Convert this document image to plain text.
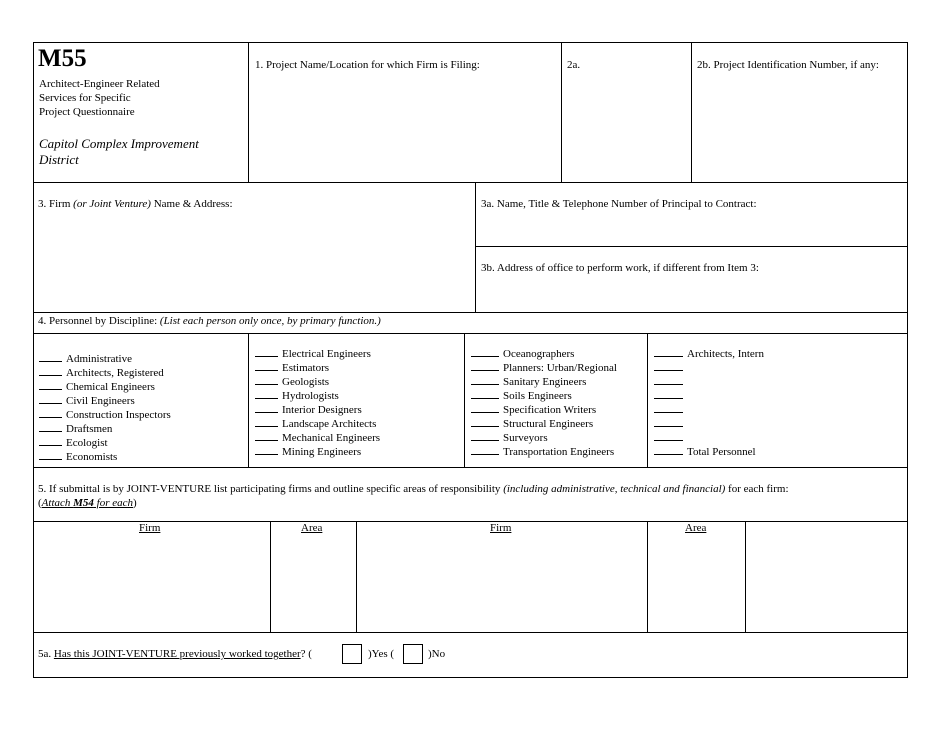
M55
Architect-Engineer Related
Services for Specific
Project Questionnaire
Capitol Complex Improvement
District
1. Project Name/Location for which Firm is Filing:	2a.	2b. Project Identification Number, if any:
3. Firm (or Joint Venture) Name & Address:	3a. Name, Title & Telephone Number of Principal to Contract:
3b. Address of office to perform work, if different from Item 3:
4. Personnel by Discipline: (List each person only once, by primary function.)
Administrative
Architects, Registered
Chemical Engineers
Civil Engineers
Construction Inspectors
Draftsmen
Ecologist
Economists
Electrical Engineers
Estimators
Geologists
Hydrologists
Interior Designers
Landscape Architects
Mechanical Engineers
Mining Engineers
Oceanographers
Planners: Urban/Regional
Sanitary Engineers
Soils Engineers
Specification Writers
Structural Engineers
Surveyors
Transportation Engineers
Architects, Intern
Total Personnel
5. If submittal is by JOINT-VENTURE list participating firms and outline specific areas of responsibility (including administrative, technical and financial) for each firm:
(Attach M54 for each)
Firm	Area	Firm	Area
5a. Has this JOINT-VENTURE previously worked together? (	)Yes (	)No
